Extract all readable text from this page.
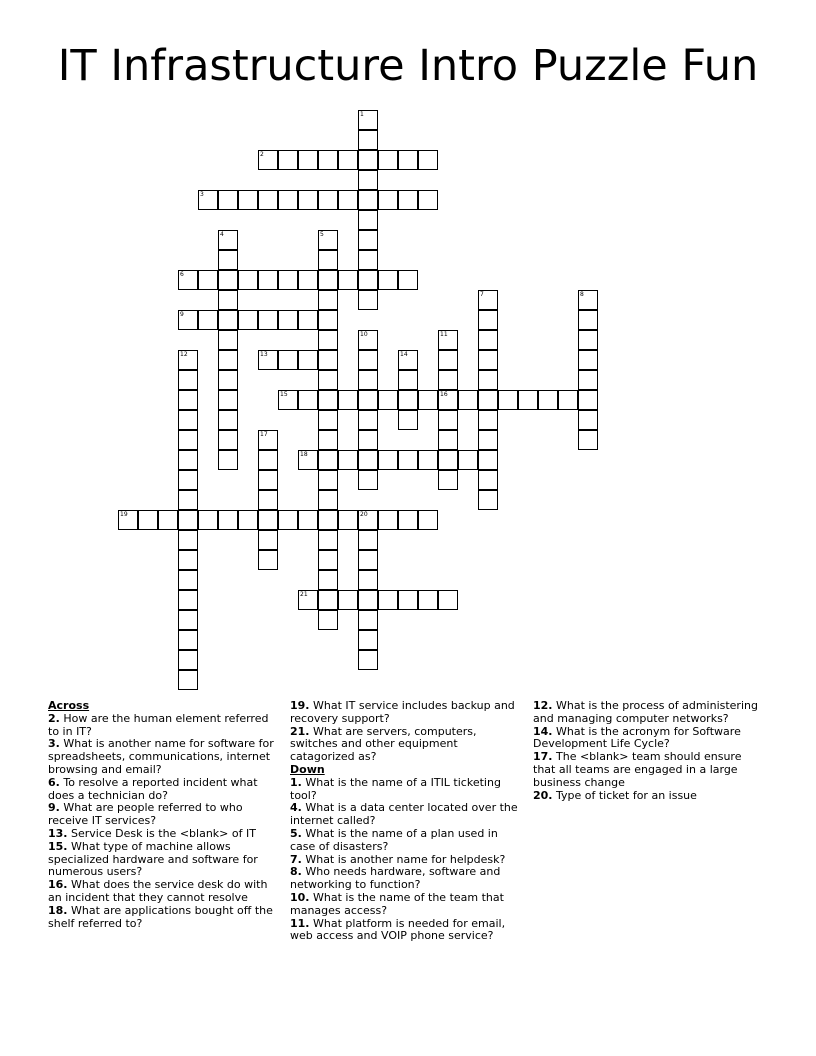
IT Infrastructure Intro Puzzle Fun
1
2
3
4	5
6
7	8
9
10	11
16
12	13	14
15
17
18
19	20
21
Across
2. How are the human element referred to in IT?
3. What is another name for software for spreadsheets, communications, internet browsing and email?
6. To resolve a reported incident what does a technician do?
9. What are people referred to who receive IT services?
13. Service Desk is the <blank> of IT
15. What type of machine allows specialized hardware and software for numerous users?
16. What does the service desk do with an incident that they cannot resolve
18. What are applications bought off the shelf referred to?
19. What IT service includes backup and recovery support?
21. What are servers, computers, switches and other equipment catagorized as?
Down
1. What is the name of a ITIL ticketing tool?
4. What is a data center located over the internet called?
5. What is the name of a plan used in case of disasters?
7. What is another name for helpdesk?
8. Who needs hardware, software and networking to function?
10. What is the name of the team that manages access?
11. What platform is needed for email, web access and VOIP phone service?
12. What is the process of administering and managing computer networks?
14. What is the acronym for Software Development Life Cycle?
17. The <blank> team should ensure that all teams are engaged in a large business change
20. Type of ticket for an issue
